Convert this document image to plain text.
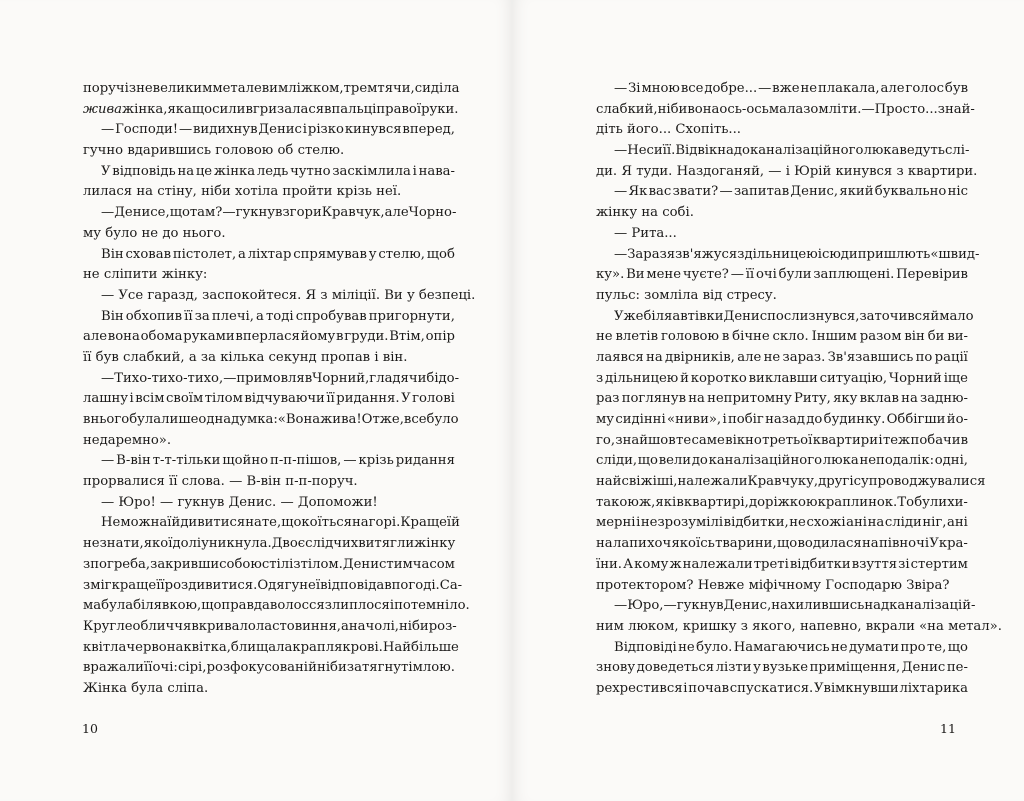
поруч із невеликим металевим ліжком, тремтячи, сиділа
жива жінка, яка щосили вгризалася в пальці правої руки.
— Господи! — видихнув Денис і різко кинувся вперед,
гучно вдарившись головою об стелю.
У відповідь на це жінка ледь чутно заскімлила і нава-
лилася на стіну, ніби хотіла пройти крізь неї.
— Денисе, що там? — гукнув згори Кравчук, але Чорно-
му було не до нього.
Він сховав пістолет, а ліхтар спрямував у стелю, щоб
не сліпити жінку:
— Усе гаразд, заспокойтеся. Я з міліції. Ви у безпеці.
Він обхопив її за плечі, а тоді спробував пригорнути,
але вона обома руками вперлася йому в груди. Втім, опір
її був слабкий, а за кілька секунд пропав і він.
— Тихо-тихо-тихо, — примовляв Чорний, гладячи бідо-
лашну і всім своїм тілом відчуваючи її ридання. У голові
в нього була лише одна думка: «Вона жива! Отже, все було
недаремно».
— В-він т-т-тільки щойно п-п-пішов, — крізь ридання
прорвалися її слова. — В-він п-п-поруч.
— Юро! — гукнув Денис. — Допоможи!
Не можна їй дивитися на те, що коїться нагорі. Краще їй
не знати, якої долі уникнула. Двоє слідчих витягли жінку
з погреба, закривши собою стіл із тілом. Денис тим часом
зміг краще її роздивитися. Одяг у неї відповідав погоді. Са-
ма була білявкою, щоправда волосся злиплося і потемніло.
Кругле обличчя вкривало ластовиння, а на чолі, ніби роз-
квітла червона квітка, блищала крапля крові. Найбільше
вражали її очі: сірі, розфокусовані й ніби затягнуті млою.
Жінка була сліпа.
10
— Зі мною все добре... — вже не плакала, але голос був
слабкий, ніби вона ось-ось мала зомліти. — Просто... знай-
діть його... Схопіть...
— Неси її. Від вікна до каналізаційного люка ведуть слі-
ди. Я туди. Наздоганяй, — і Юрій кинувся з квартири.
— Як вас звати? — запитав Денис, який буквально ніс
жінку на собі.
— Рита...
— Зараз я зв'яжуся з дільницею і сюди пришлють «швид-
ку». Ви мене чуєте? — її очі були заплющені. Перевірив
пульс: зомліла від стресу.
Уже біля автівки Денис послизнувся, заточився й мало
не влетів головою в бічне скло. Іншим разом він би ви-
лаявся на двірників, але не зараз. Зв'язавшись по рації
з дільницею й коротко виклавши ситуацію, Чорний іще
раз поглянув на непритомну Риту, яку вклав на задню-
му сидінні «ниви», і побіг назад до будинку. Оббігши йо-
го, знайшов те саме вікно третьої квартири і теж побачив
сліди, що вели до каналізаційного люка неподалік: одні,
найсвіжіші, належали Кравчуку, другі супроводжувалися
такою ж, як і в квартирі, доріжкою краплинок. То були хи-
мерні і незрозумілі відбитки, не схожі ані на сліди ніг, ані
на лапи хоч якоїсь тварини, що водилася на півночі Укра-
їни. А кому ж належали треті відбитки взуття зі стертим
протектором? Невже міфічному Господарю Звіра?
— Юро, — гукнув Денис, нахилившись над каналізацій-
ним люком, кришку з якого, напевно, вкрали «на метал».
Відповіді не було. Намагаючись не думати про те, що
знову доведеться лізти у вузьке приміщення, Денис пе-
рехрестився і почав спускатися. Увімкнувши ліхтарика
11
